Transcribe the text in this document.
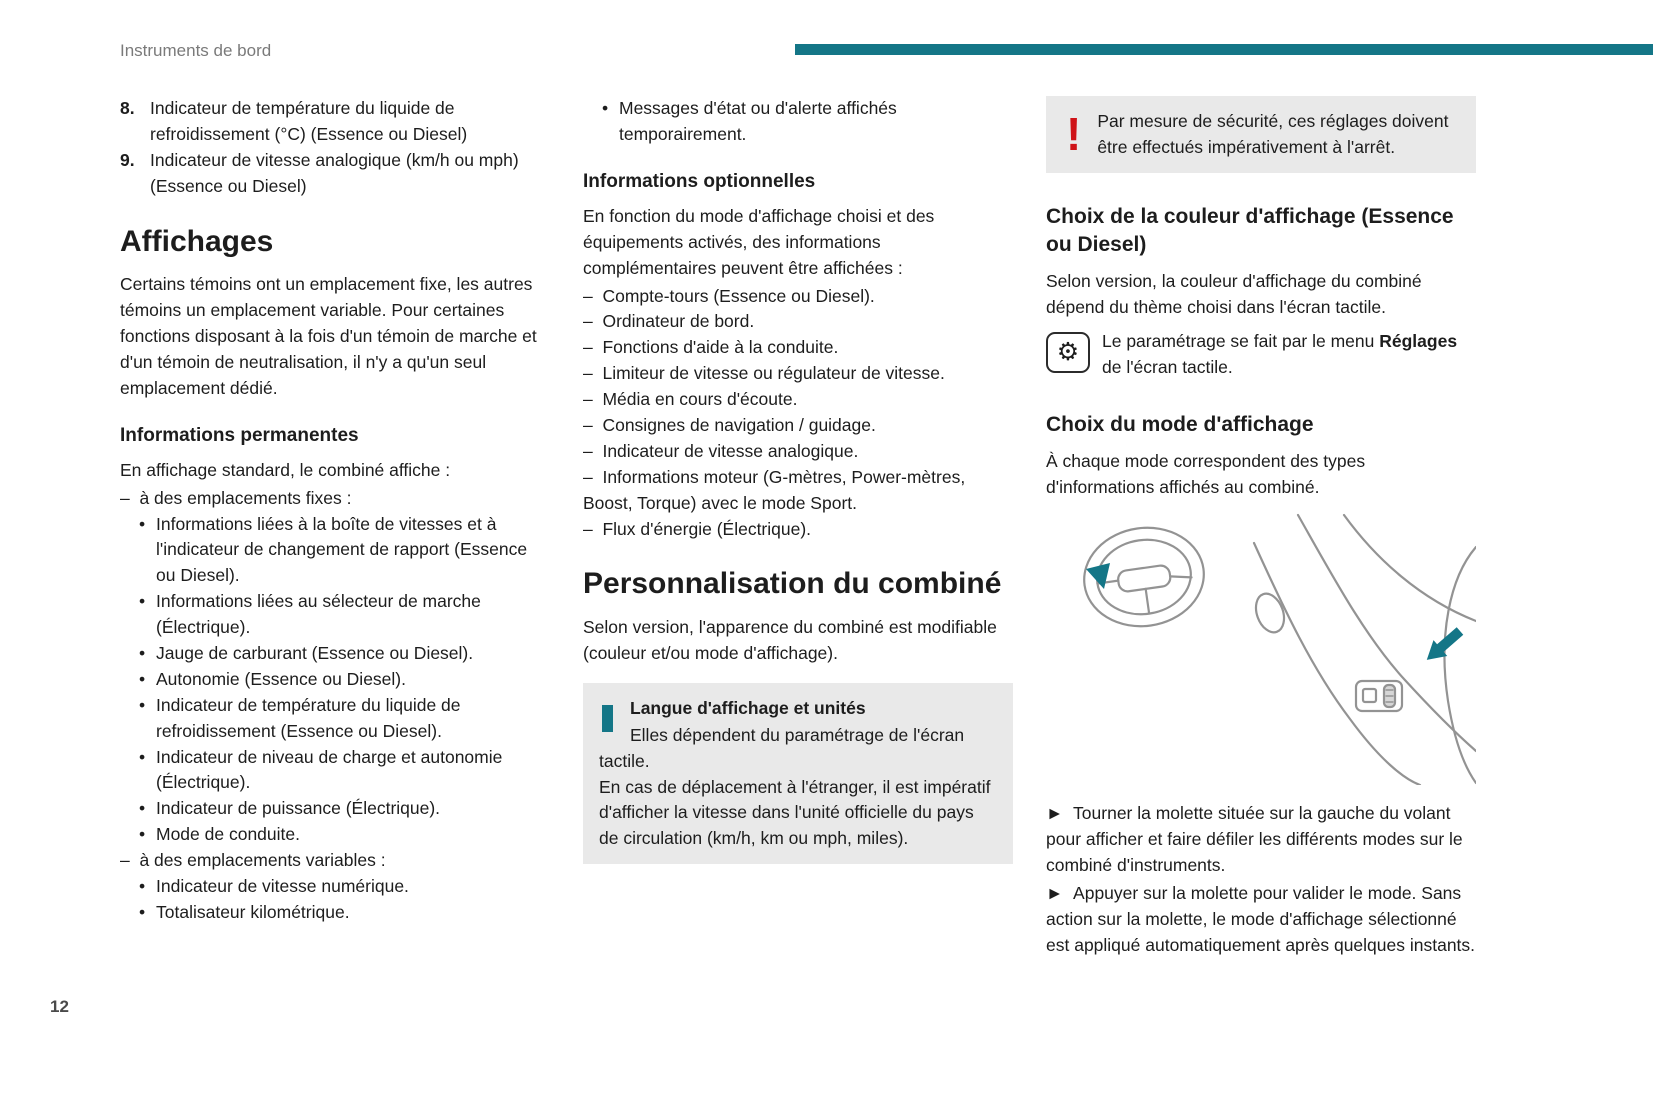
Instruments de bord
12
8. Indicateur de température du liquide de refroidissement (°C) (Essence ou Diesel)
9. Indicateur de vitesse analogique (km/h ou mph) (Essence ou Diesel)
Affichages

Certains témoins ont un emplacement fixe, les autres témoins un emplacement variable. Pour certaines fonctions disposant à la fois d'un témoin de marche et d'un témoin de neutralisation, il n'y a qu'un seul emplacement dédié.

Informations permanentes

En affichage standard, le combiné affiche :

–  à des emplacements fixes :

• Informations liées à la boîte de vitesses et à l'indicateur de changement de rapport (Essence ou Diesel).
• Informations liées au sélecteur de marche (Électrique).
• Jauge de carburant (Essence ou Diesel).
• Autonomie (Essence ou Diesel).
• Indicateur de température du liquide de refroidissement (Essence ou Diesel).
• Indicateur de niveau de charge et autonomie (Électrique).
• Indicateur de puissance (Électrique).
• Mode de conduite.

–  à des emplacements variables :

• Indicateur de vitesse numérique.
• Totalisateur kilométrique.
• Messages d'état ou d'alerte affichés temporairement.
Informations optionnelles

En fonction du mode d'affichage choisi et des équipements activés, des informations complémentaires peuvent être affichées :

–  Compte-tours (Essence ou Diesel).
–  Ordinateur de bord.
–  Fonctions d'aide à la conduite.
–  Limiteur de vitesse ou régulateur de vitesse.
–  Média en cours d'écoute.
–  Consignes de navigation / guidage.
–  Indicateur de vitesse analogique.
–  Informations moteur (G-mètres, Power-mètres, Boost, Torque) avec le mode Sport.
–  Flux d'énergie (Électrique).
Personnalisation du combiné

Selon version, l'apparence du combiné est modifiable (couleur et/ou mode d'affichage).

Langue d'affichage et unités
Elles dépendent du paramétrage de l'écran tactile.
En cas de déplacement à l'étranger, il est impératif d'afficher la vitesse dans l'unité officielle du pays de circulation (km/h, km ou mph, miles).
! Par mesure de sécurité, ces réglages doivent être effectués impérativement à l'arrêt.
Choix de la couleur d'affichage (Essence ou Diesel)

Selon version, la couleur d'affichage du combiné dépend du thème choisi dans l'écran tactile.

⚙	Le paramétrage se fait par le menu Réglages de l'écran tactile.
Choix du mode d'affichage

À chaque mode correspondent des types d'informations affichés au combiné.

►  Tourner la molette située sur la gauche du volant pour afficher et faire défiler les différents modes sur le combiné d'instruments.

►  Appuyer sur la molette pour valider le mode. Sans action sur la molette, le mode d'affichage sélectionné est appliqué automatiquement après quelques instants.
